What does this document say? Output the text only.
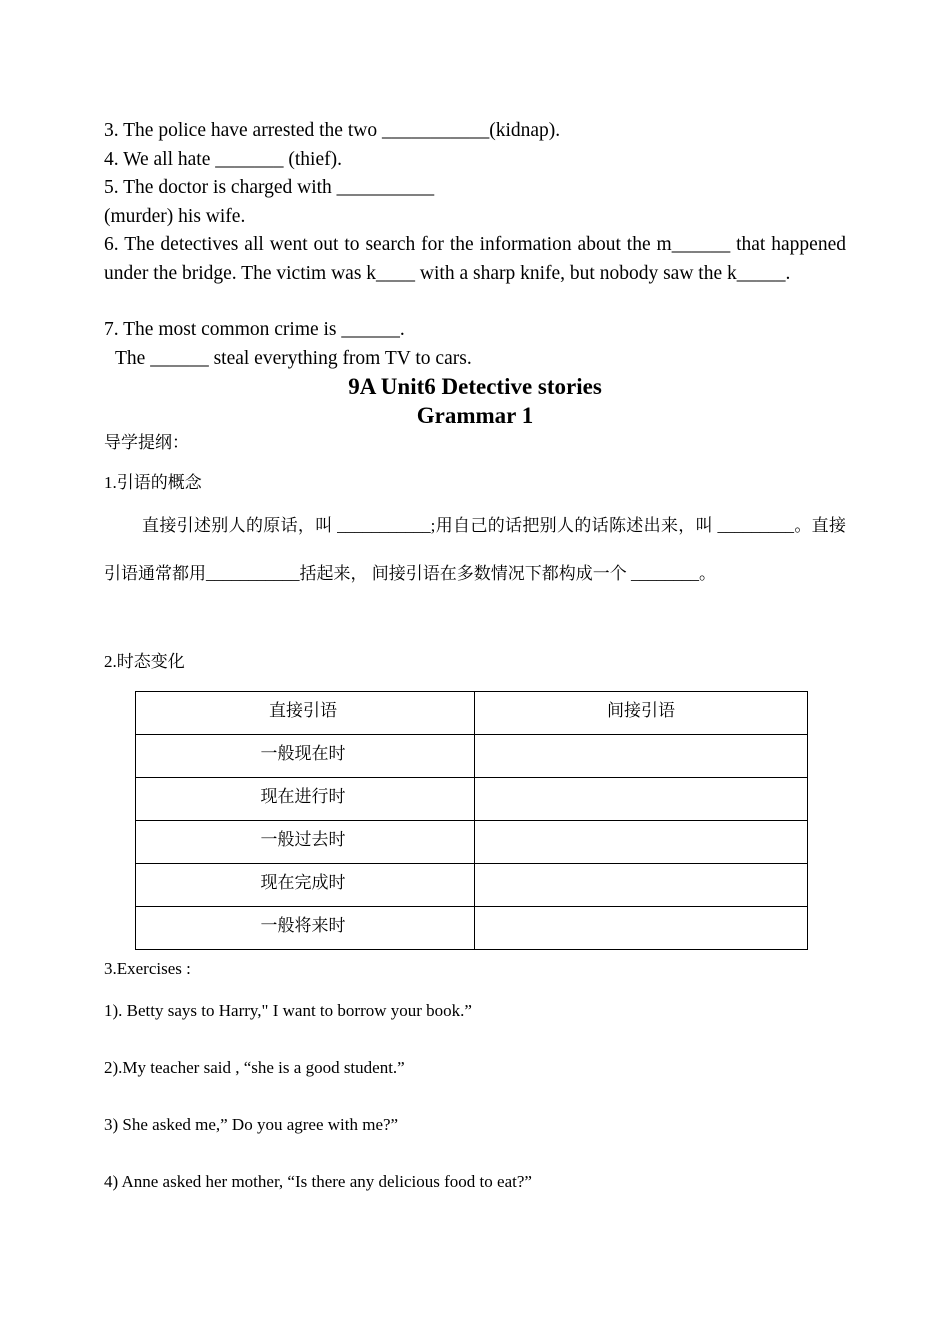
3. The police have arrested the two ___________(kidnap).
4. We all hate _______ (thief).
5. The doctor is charged with __________
(murder) his wife.
6. The detectives all went out to search for the information about the m______ that happened under the bridge. The victim was k____ with a sharp knife, but nobody saw the k_____.
7. The most common crime is ______.
The ______ steal everything from TV to cars.
9A Unit6 Detective stories
Grammar 1
导学提纲：
1.引语的概念
直接引述别人的原话，叫 ___________;用自己的话把别人的话陈述出来，叫 _________。直接引语通常都用___________括起来， 间接引语在多数情况下都构成一个 ________。
2.时态变化
直接引语	间接引语

一般现在时	

现在进行时	

一般过去时	

现在完成时	

一般将来时	

3.Exercises :
1). Betty says to Harry," I want to borrow your book.”
2).My teacher said , “she is a good student.”
3) She asked me,” Do you agree with me?”
4) Anne asked her mother, “Is there any delicious food to eat?”
